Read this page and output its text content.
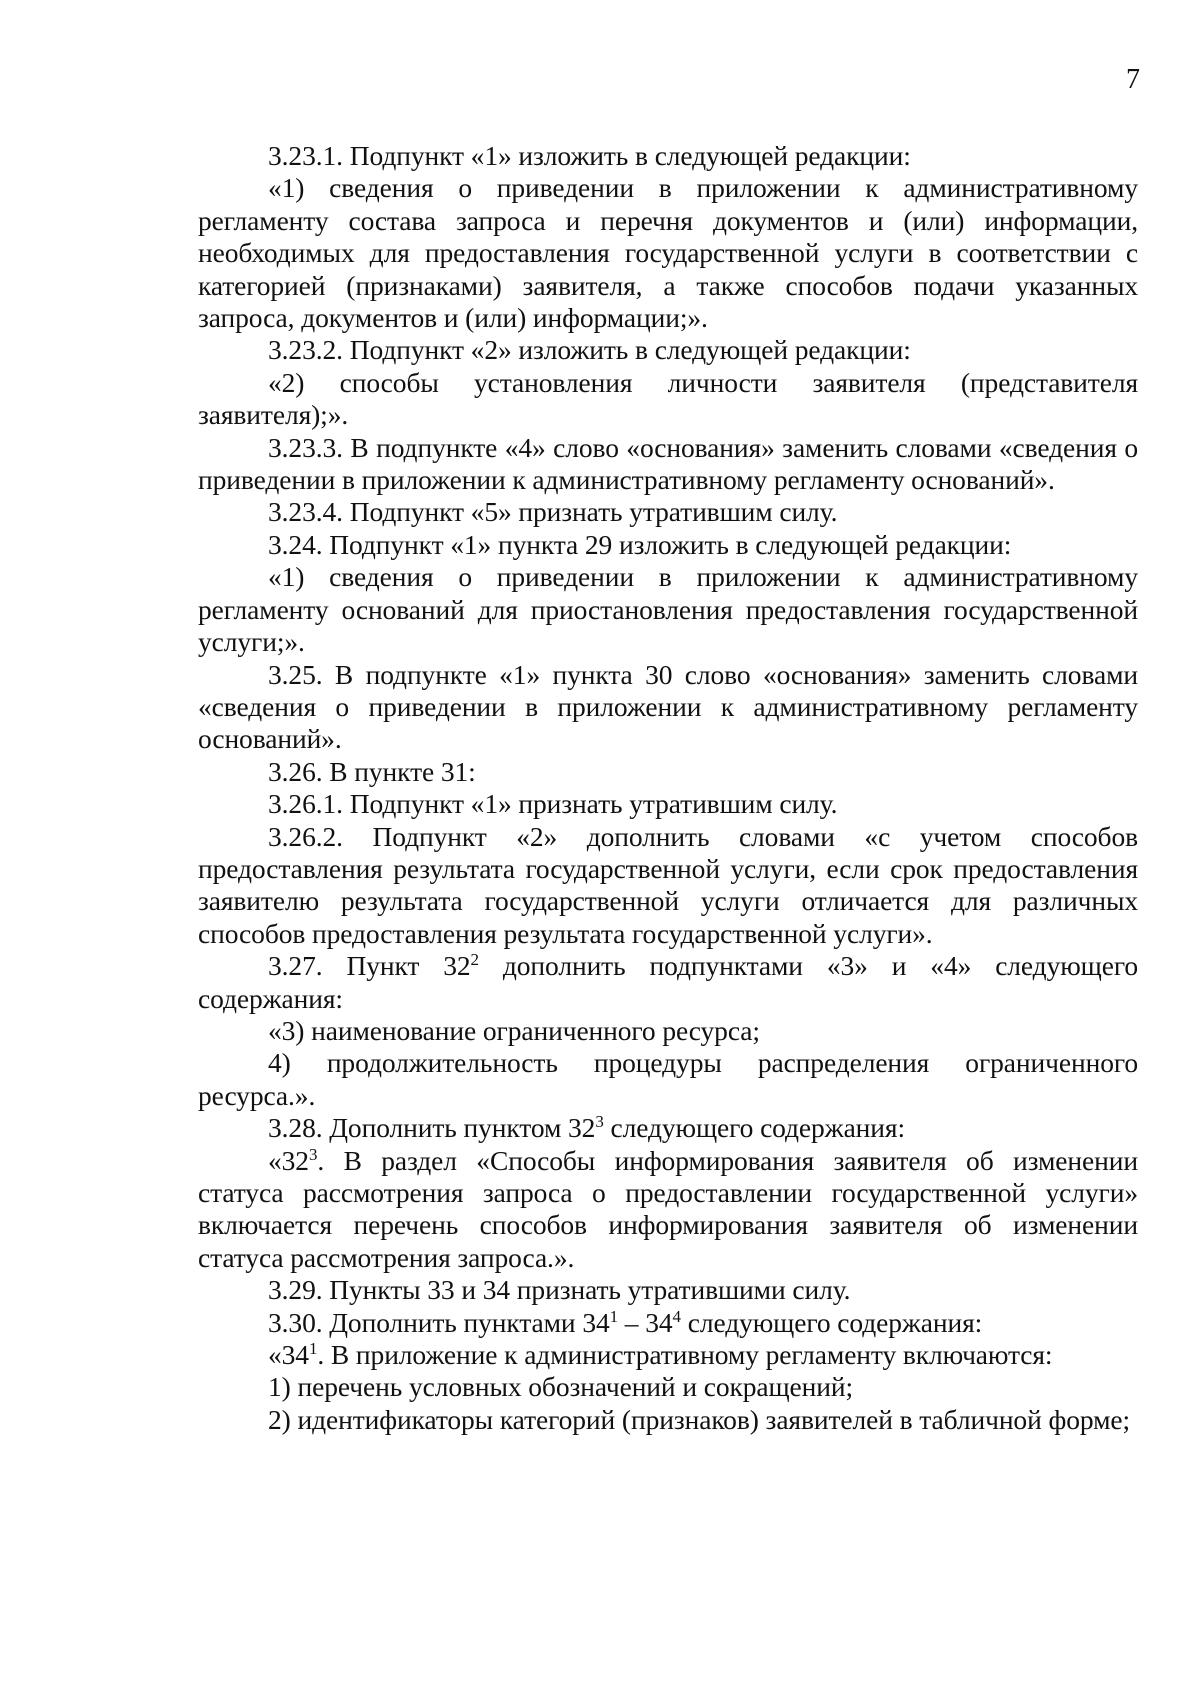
7

3.23.1. Подпункт «1» изложить в следующей редакции:

«1) сведения о приведении в приложении к административному регламенту состава запроса и перечня документов и (или) информации, необходимых для предоставления государственной услуги в соответствии с категорией (признаками) заявителя, а также способов подачи указанных запроса, документов и (или) информации;».

3.23.2. Подпункт «2» изложить в следующей редакции:

«2) способы установления личности заявителя (представителя заявителя);».

3.23.3. В подпункте «4» слово «основания» заменить словами «сведения о приведении в приложении к административному регламенту оснований».

3.23.4. Подпункт «5» признать утратившим силу.

3.24. Подпункт «1» пункта 29 изложить в следующей редакции:

«1) сведения о приведении в приложении к административному регламенту оснований для приостановления предоставления государственной услуги;».

3.25. В подпункте «1» пункта 30 слово «основания» заменить словами «сведения о приведении в приложении к административному регламенту оснований».

3.26. В пункте 31:

3.26.1. Подпункт «1» признать утратившим силу.

3.26.2. Подпункт «2» дополнить словами «с учетом способов предоставления результата государственной услуги, если срок предоставления заявителю результата государственной услуги отличается для различных способов предоставления результата государственной услуги».

3.27. Пункт $32^2$ дополнить подпунктами «3» и «4» следующего содержания:

«3) наименование ограниченного ресурса;

4) продолжительность процедуры распределения ограниченного ресурса.».

3.28. Дополнить пунктом $32^3$ следующего содержания:

«$32^3$. В раздел «Способы информирования заявителя об изменении статуса рассмотрения запроса о предоставлении государственной услуги» включается перечень способов информирования заявителя об изменении статуса рассмотрения запроса.».

3.29. Пункты 33 и 34 признать утратившими силу.

3.30. Дополнить пунктами $34^1 - 34^4$ следующего содержания:

«$34^1$. В приложение к административному регламенту включаются:

1) перечень условных обозначений и сокращений;

2) идентификаторы категорий (признаков) заявителей в табличной форме;
